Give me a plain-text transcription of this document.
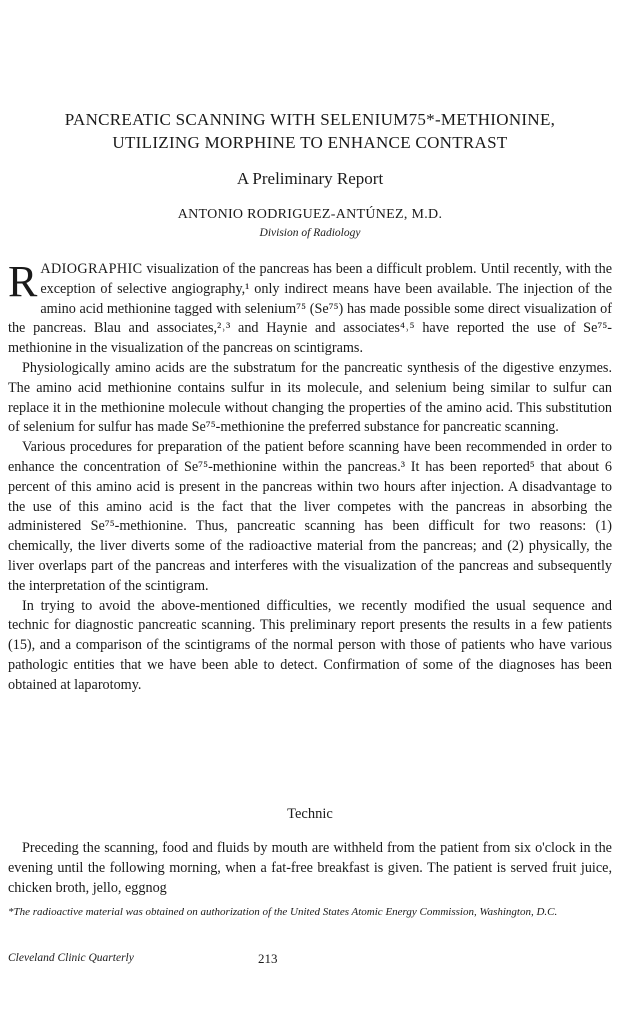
PANCREATIC SCANNING WITH SELENIUM75*-METHIONINE,
UTILIZING MORPHINE TO ENHANCE CONTRAST
A Preliminary Report
ANTONIO RODRIGUEZ-ANTÚNEZ, M.D.
Division of Radiology

RADIOGRAPHIC visualization of the pancreas has been a difficult problem. Until recently, with the exception of selective angiography,¹ only indirect means have been available. The injection of the amino acid methionine tagged with selenium⁷⁵ (Se⁷⁵) has made possible some direct visualization of the pancreas. Blau and associates,²˒³ and Haynie and associates⁴˒⁵ have reported the use of Se⁷⁵-methionine in the visualization of the pancreas on scintigrams.

Physiologically amino acids are the substratum for the pancreatic synthesis of the digestive enzymes. The amino acid methionine contains sulfur in its molecule, and selenium being similar to sulfur can replace it in the methionine molecule without changing the properties of the amino acid. This substitution of selenium for sulfur has made Se⁷⁵-methionine the preferred substance for pancreatic scanning.

Various procedures for preparation of the patient before scanning have been recommended in order to enhance the concentration of Se⁷⁵-methionine within the pancreas.³ It has been reported⁵ that about 6 percent of this amino acid is present in the pancreas within two hours after injection. A disadvantage to the use of this amino acid is the fact that the liver competes with the pancreas in absorbing the administered Se⁷⁵-methionine. Thus, pancreatic scanning has been difficult for two reasons: (1) chemically, the liver diverts some of the radioactive material from the pancreas; and (2) physically, the liver overlaps part of the pancreas and interferes with the visualization of the pancreas and subsequently the interpretation of the scintigram.

In trying to avoid the above-mentioned difficulties, we recently modified the usual sequence and technic for diagnostic pancreatic scanning. This preliminary report presents the results in a few patients (15), and a comparison of the scintigrams of the normal person with those of patients who have various pathologic entities that we have been able to detect. Confirmation of some of the diagnoses has been obtained at laparotomy.

Technic

Preceding the scanning, food and fluids by mouth are withheld from the patient from six o'clock in the evening until the following morning, when a fat-free breakfast is given. The patient is served fruit juice, chicken broth, jello, eggnog

*The radioactive material was obtained on authorization of the United States Atomic Energy Commission, Washington, D.C.
Cleveland Clinic Quarterly	213
